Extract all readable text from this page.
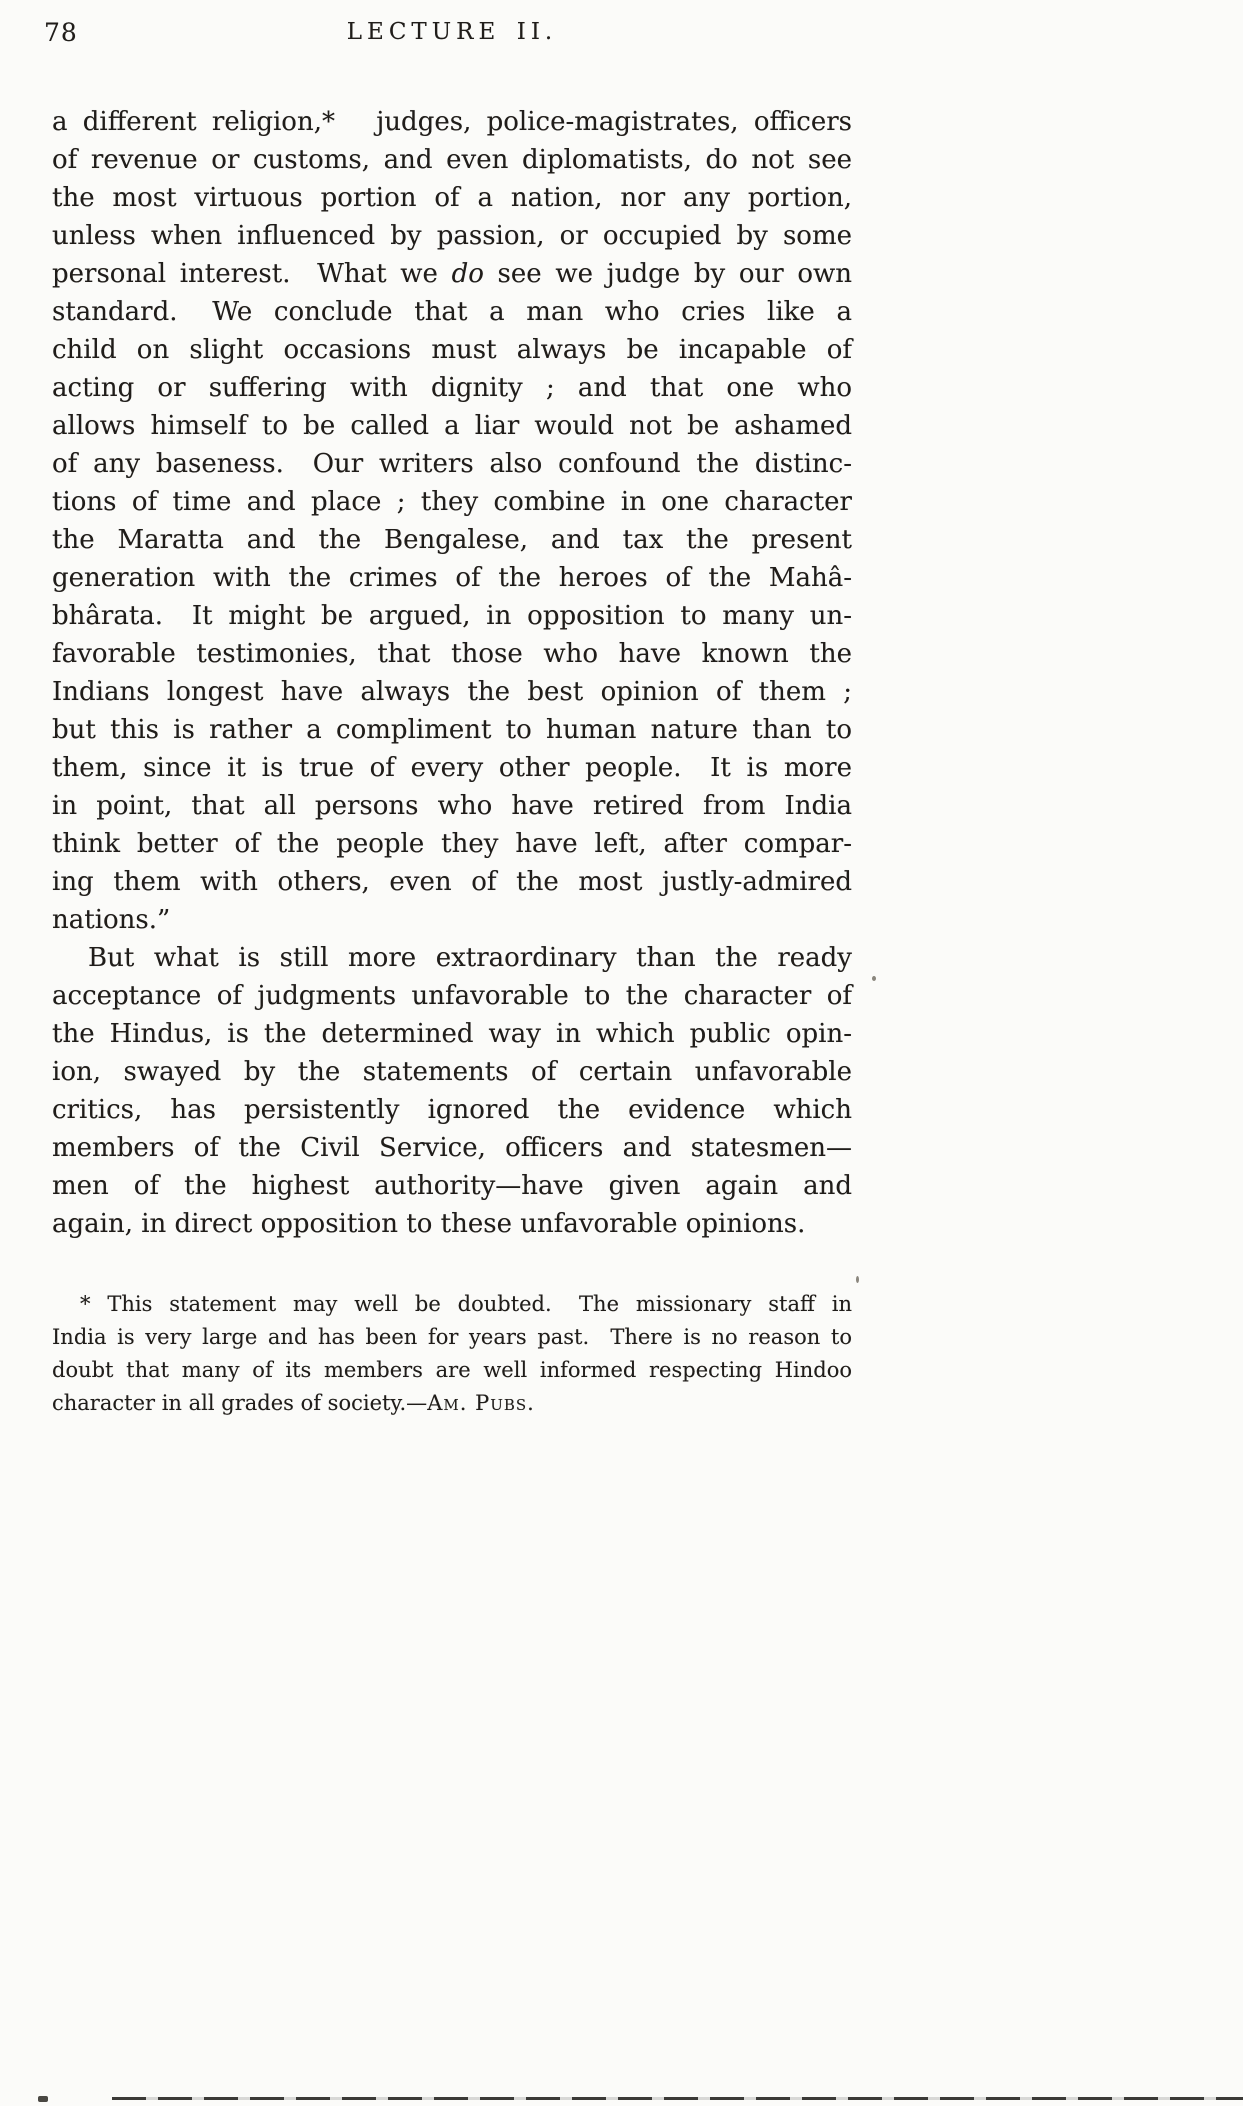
78	LECTURE II.
a different religion,*  judges, police-magistrates, officers
of revenue or customs, and even diplomatists, do not see
the most virtuous portion of a nation, nor any portion,
unless when influenced by passion, or occupied by some
personal interest.  What we do see we judge by our own
standard.  We conclude that a man who cries like a
child on slight occasions must always be incapable of
acting or suffering with dignity ; and that one who
allows himself to be called a liar would not be ashamed
of any baseness.  Our writers also confound the distinc-
tions of time and place ; they combine in one character
the Maratta and the Bengalese, and tax the present
generation with the crimes of the heroes of the Mahâ-
bhârata.  It might be argued, in opposition to many un-
favorable testimonies, that those who have known the
Indians longest have always the best opinion of them ;
but this is rather a compliment to human nature than to
them, since it is true of every other people.  It is more
in point, that all persons who have retired from India
think better of the people they have left, after compar-
ing them with others, even of the most justly-admired
nations.”
But what is still more extraordinary than the ready
acceptance of judgments unfavorable to the character of
the Hindus, is the determined way in which public opin-
ion, swayed by the statements of certain unfavorable
critics, has persistently ignored the evidence which
members of the Civil Service, officers and statesmen—
men of the highest authority—have given again and
again, in direct opposition to these unfavorable opinions.
* This statement may well be doubted.  The missionary staff in
India is very large and has been for years past.  There is no reason to
doubt that many of its members are well informed respecting Hindoo
character in all grades of society.—Am. Pubs.
